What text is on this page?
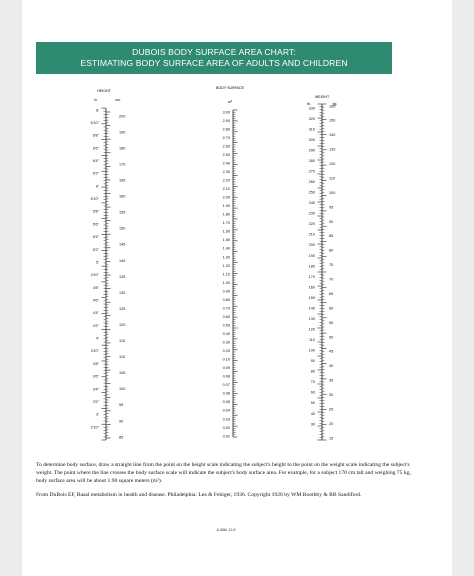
DUBOIS BODY SURFACE AREA CHART:
ESTIMATING BODY SURFACE AREA OF ADULTS AND CHILDREN
HEIGHT
in.	cm.
8'
6'10"
6'8"
6'6"
6'4"
6'2"
6'
5'10"
5'8"
5'6"
5'4"
5'2"
5'
4'10"
4'8"
4'6"
4'4"
4'2"
4'
3'10"
3'8"
3'6"
3'4"
3'2"
3'
2'10"
200
190
180
170
165
160
155
150
145
140
135
130
125
120
115
110
105
100
95
90
85
BODY SURFACE
m²
3.00
2.90
2.80
2.70
2.60
2.50
2.40
2.30
2.20
2.10
2.00
1.90
1.80
1.70
1.60
1.50
1.40
1.30
1.20
1.10
1.00
0.90
0.80
0.70
0.60
0.50
0.40
0.30
0.20
0.10
0.09
0.08
0.07
0.06
0.05
0.04
0.03
0.02
0.01
WEIGHT
lb.	kg.
330
320
310
300
290
280
270
260
250
240
230
220
210
200
190
180
170
160
150
140
130
120
110
100
90
80
70
60
50
40
30
160
150
140
130
120
110
100
95
90
85
80
75
70
65
60
55
50
45
40
35
30
25
20
15
To determine body surface, draw a straight line from the point on the height scale indicating the subject's height to the point on the weight scale indicating the subject's weight. The point where the line crosses the body surface scale will indicate the subject's body surface area. For example, for a subject 170 cm tall and weighing 75 kg, body surface area will be about 1.90 square meters (m²).
From DuBois EF, Basal metabolism in health and disease. Philadelphia: Lea & Febiger, 1936. Copyright 1920 by WM Boothby & RB Sandiford.
A-068• 12-8
